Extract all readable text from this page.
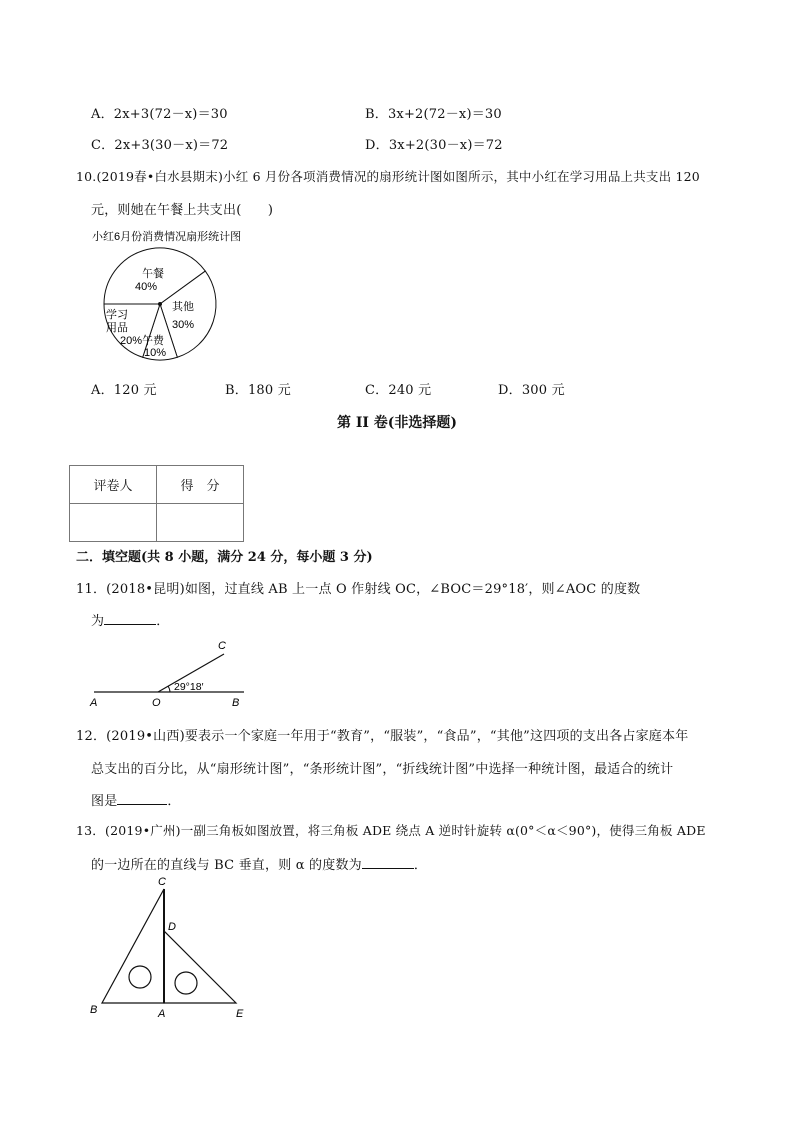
A．2x+3(72－x)＝30	B．3x+2(72－x)＝30
C．2x+3(30－x)＝72	D．3x+2(30－x)＝72
10.(2019春•白水县期末)小红 6 月份各项消费情况的扇形统计图如图所示，其中小红在学习用品上共支出 120
元，则她在午餐上共支出(　　)
小红6月份消费情况扇形统计图
午餐
40%
其他
30%
学习
用品
20% 午费
10%
A．120 元	B．180 元	C．240 元	D．300 元
第 II 卷(非选择题)
评卷人	得　分

二．填空题(共 8 小题，满分 24 分，每小题 3 分)
11．(2018•昆明)如图，过直线 AB 上一点 O 作射线 OC，∠BOC＝29°18′，则∠AOC 的度数
为	．
C
A	O	B
29°18′
12．(2019•山西)要表示一个家庭一年用于“教育”，“服装”，“食品”，“其他”这四项的支出各占家庭本年
总支出的百分比，从“扇形统计图”，“条形统计图”，“折线统计图”中选择一种统计图，最适合的统计
图是	．
13．(2019•广州)一副三角板如图放置，将三角板 ADE 绕点 A 逆时针旋转 α(0°＜α＜90°)，使得三角板 ADE
的一边所在的直线与 BC 垂直，则 α 的度数为	．
C
D
B	A	E
